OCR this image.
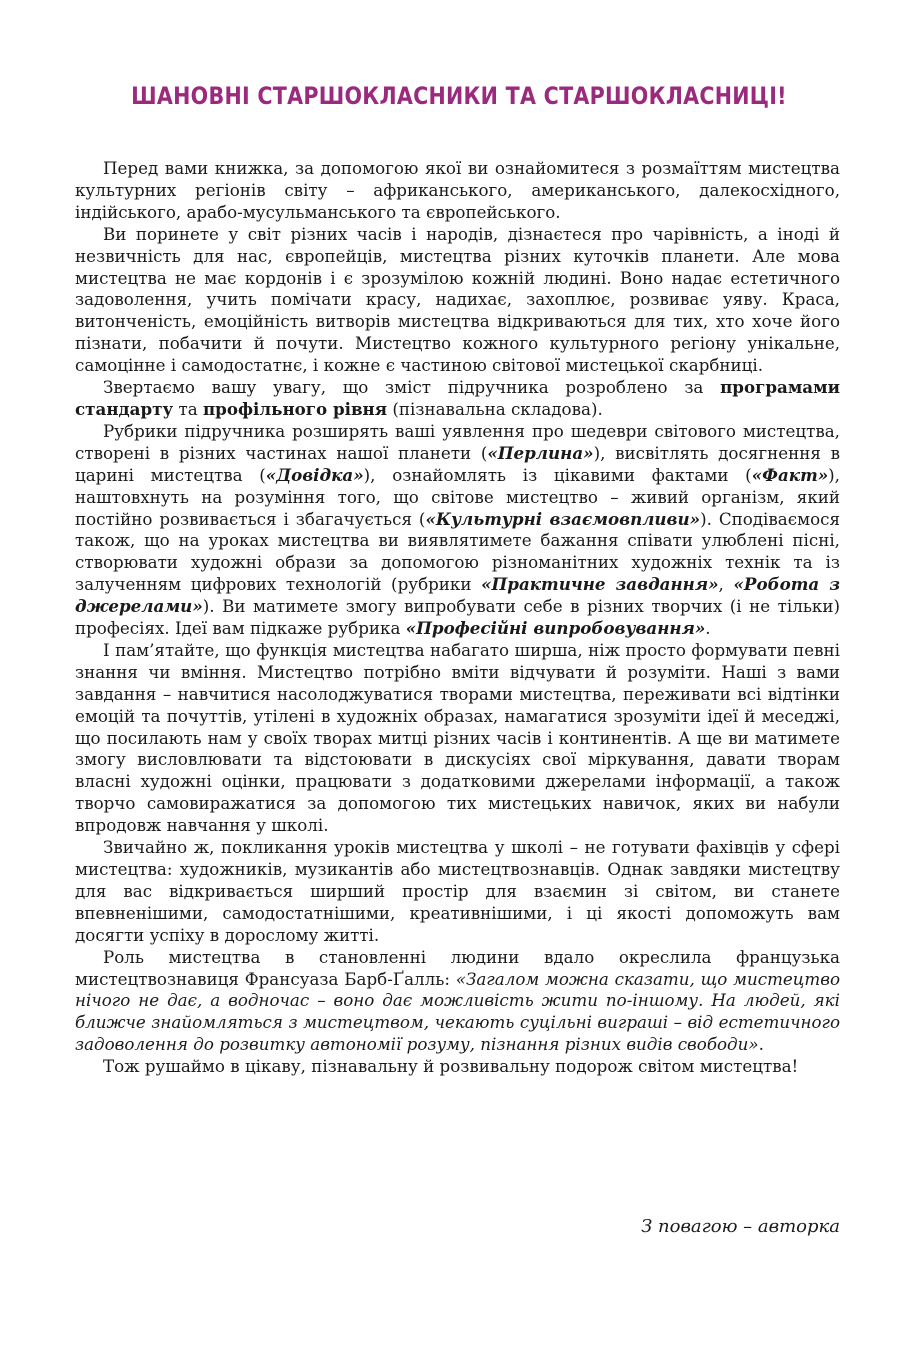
ШАНОВНІ СТАРШОКЛАСНИКИ ТА СТАРШОКЛАСНИЦІ!

Перед вами книжка, за допомогою якої ви ознайомитеся з розмаїттям мистецтва культурних регіонів світу – африканського, американського, далекосхідного, індійського, арабо-мусульманського та європейського.

Ви поринете у світ різних часів і народів, дізнаєтеся про чарівність, а іноді й незвичність для нас, європейців, мистецтва різних куточків планети. Але мова мистецтва не має кордонів і є зрозумілою кожній людині. Воно надає естетичного задоволення, учить помічати красу, надихає, захоплює, розвиває уяву. Краса, витонченість, емоційність витворів мистецтва відкриваються для тих, хто хоче його пізнати, побачити й почути. Мистецтво кожного культурного регіону унікальне, самоцінне і самодостатнє, і кожне є частиною світової мистецької скарбниці.

Звертаємо вашу увагу, що зміст підручника розроблено за програмами стандарту та профільного рівня (пізнавальна складова).

Рубрики підручника розширять ваші уявлення про шедеври світового мистецтва, створені в різних частинах нашої планети («Перлина»), висвітлять досягнення в царині мистецтва («Довідка»), ознайомлять із цікавими фактами («Факт»), наштовхнуть на розуміння того, що світове мистецтво – живий організм, який постійно розвивається і збагачується («Культурні взаємовпливи»). Сподіваємося також, що на уроках мистецтва ви виявлятимете бажання співати улюблені пісні, створювати художні образи за допомогою різноманітних художніх технік та із залученням цифрових технологій (рубрики «Практичне завдання», «Робота з джерелами»). Ви матимете змогу випробувати себе в різних творчих (і не тільки) професіях. Ідеї вам підкаже рубрика «Професійні випробовування».

І пам’ятайте, що функція мистецтва набагато ширша, ніж просто формувати певні знання чи вміння. Мистецтво потрібно вміти відчувати й розуміти. Наші з вами завдання – навчитися насолоджуватися творами мистецтва, переживати всі відтінки емоцій та почуттів, утілені в художніх образах, намагатися зрозуміти ідеї й меседжі, що посилають нам у своїх творах митці різних часів і континентів. А ще ви матимете змогу висловлювати та відстоювати в дискусіях свої міркування, давати творам власні художні оцінки, працювати з додатковими джерелами інформації, а також творчо самовиражатися за допомогою тих мистецьких навичок, яких ви набули впродовж навчання у школі.

Звичайно ж, покликання уроків мистецтва у школі – не готувати фахівців у сфері мистецтва: художників, музикантів або мистецтвознавців. Однак завдяки мистецтву для вас відкривається ширший простір для взаємин зі світом, ви станете впевненішими, самодостатнішими, креативнішими, і ці якості допоможуть вам досягти успіху в дорослому житті.

Роль мистецтва в становленні людини вдало окреслила французька мистецтвознавиця Франсуаза Барб-Ґалль: «Загалом можна сказати, що мистецтво нічого не дає, а водночас – воно дає можливість жити по-іншому. На людей, які ближче знайомляться з мистецтвом, чекають суцільні виграші – від естетичного задоволення до розвитку автономії розуму, пізнання різних видів свободи».

Тож рушаймо в цікаву, пізнавальну й розвивальну подорож світом мистецтва!

З повагою – авторка
